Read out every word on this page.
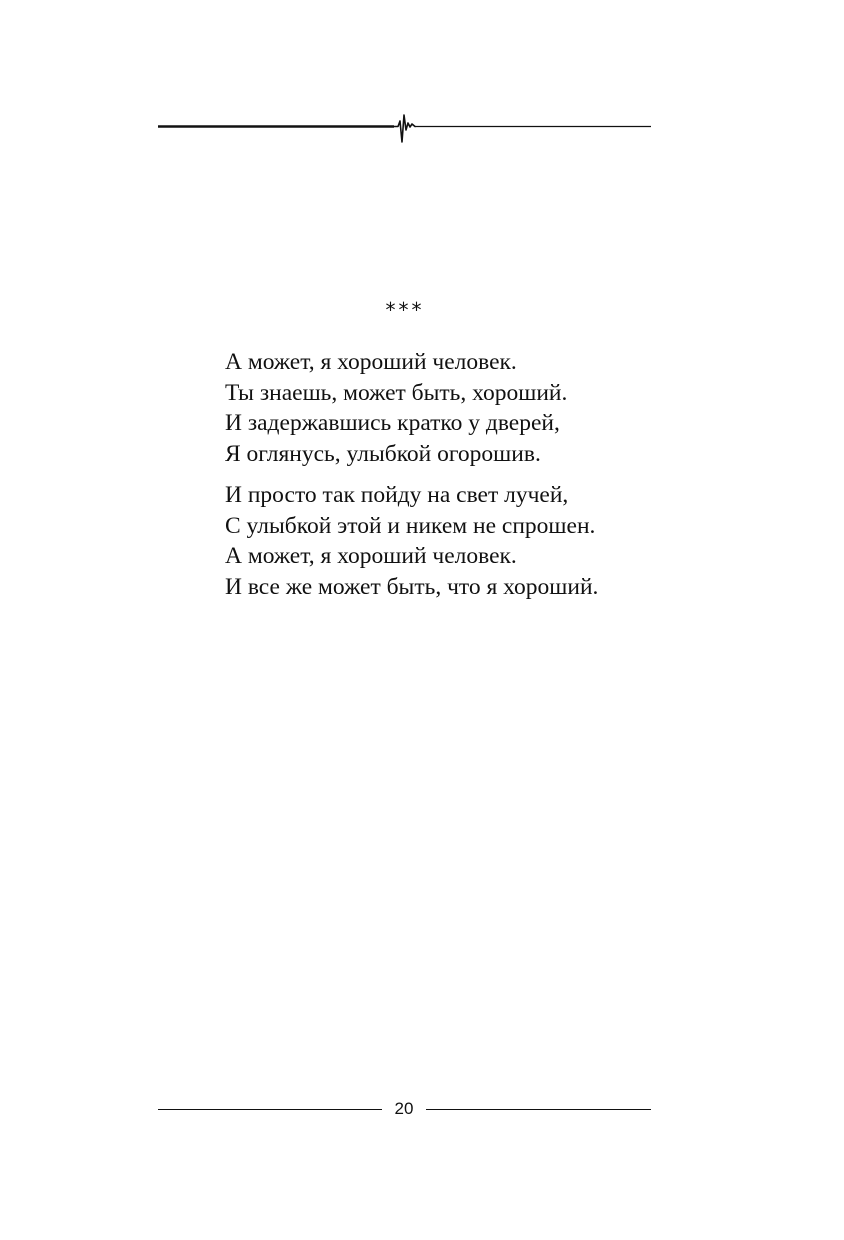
***
А может, я хороший человек.
Ты знаешь, может быть, хороший.
И задержавшись кратко у дверей,
Я оглянусь, улыбкой огорошив.
И просто так пойду на свет лучей,
С улыбкой этой и никем не спрошен.
А может, я хороший человек.
И все же может быть, что я хороший.
20
